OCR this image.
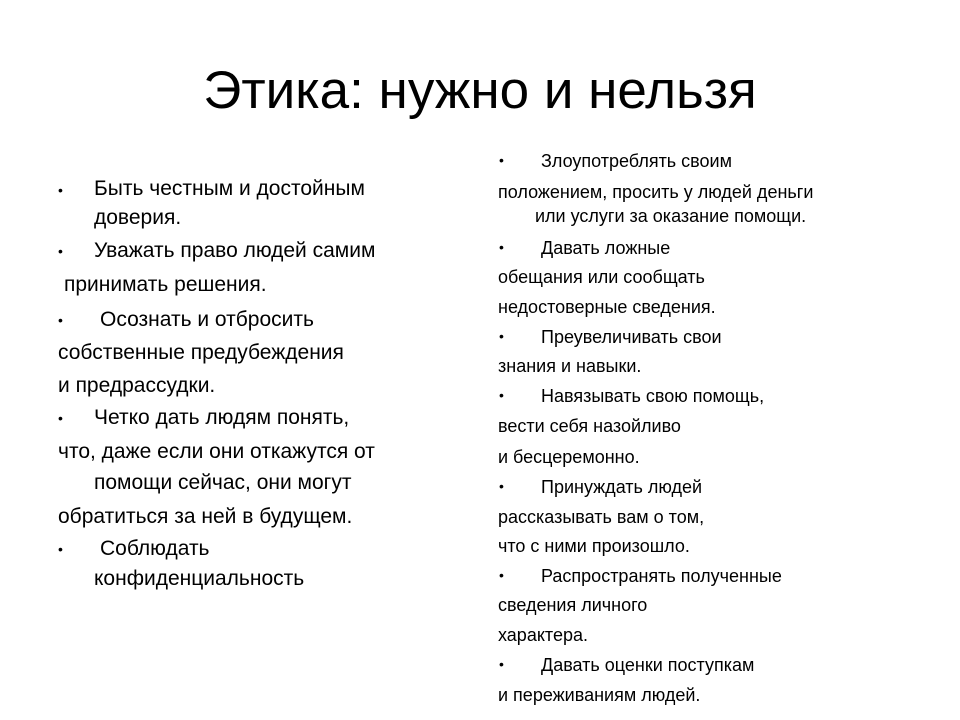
Этика: нужно и нельзя
• Быть честным и достойным
доверия.
• Уважать право людей самим
принимать решения.
• Осознать и отбросить
собственные предубеждения
и предрассудки.
• Четко дать людям понять,
что, даже если они откажутся от
помощи сейчас, они могут
обратиться за ней в будущем.
• Соблюдать
конфиденциальность
• Злоупотреблять своим
положением, просить у людей деньги
или услуги за оказание помощи.
• Давать ложные
обещания или сообщать
недостоверные сведения.
• Преувеличивать свои
знания и навыки.
• Навязывать свою помощь,
вести себя назойливо
и бесцеремонно.
• Принуждать людей
рассказывать вам о том,
что с ними произошло.
• Распространять полученные
сведения личного
характера.
• Давать оценки поступкам
и переживаниям людей.
